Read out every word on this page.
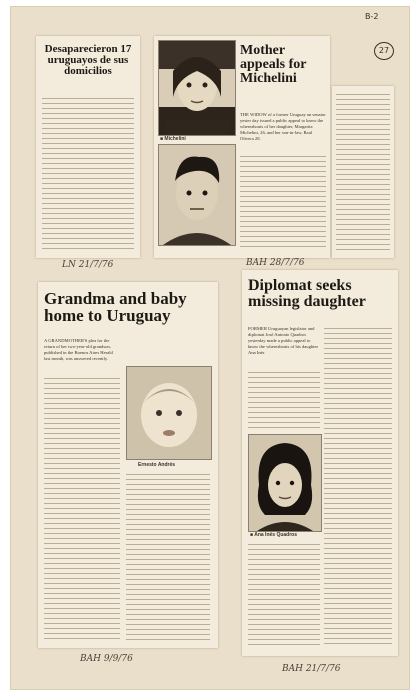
B-2
27
Desaparecieron 17 uruguayos de sus domicilios
LN 21/7/76
■ Michelini
Mother appeals for Michelini
THE WIDOW of a former Uruguay an senator yester day issued a public appeal to know the whereabouts of her daughter, Margarita Michelini, 26, and her son-in-law, Raul Olivera 28.
BAH 28/7/76
Grandma and baby home to Uruguay
A GRANDMOTHER'S plea for the return of her two-year-old grandson, published in the Buenos Aires Herald last month, was answered recently.
Ernesto Andrés
BAH 9/9/76
Diplomat seeks missing daughter
FORMER Uruguayan legislator and diplomat José Antonio Quadros yesterday made a public appeal to know the whereabouts of his daughter Ana Inés
■ Ana Inés Quadros
BAH 21/7/76
